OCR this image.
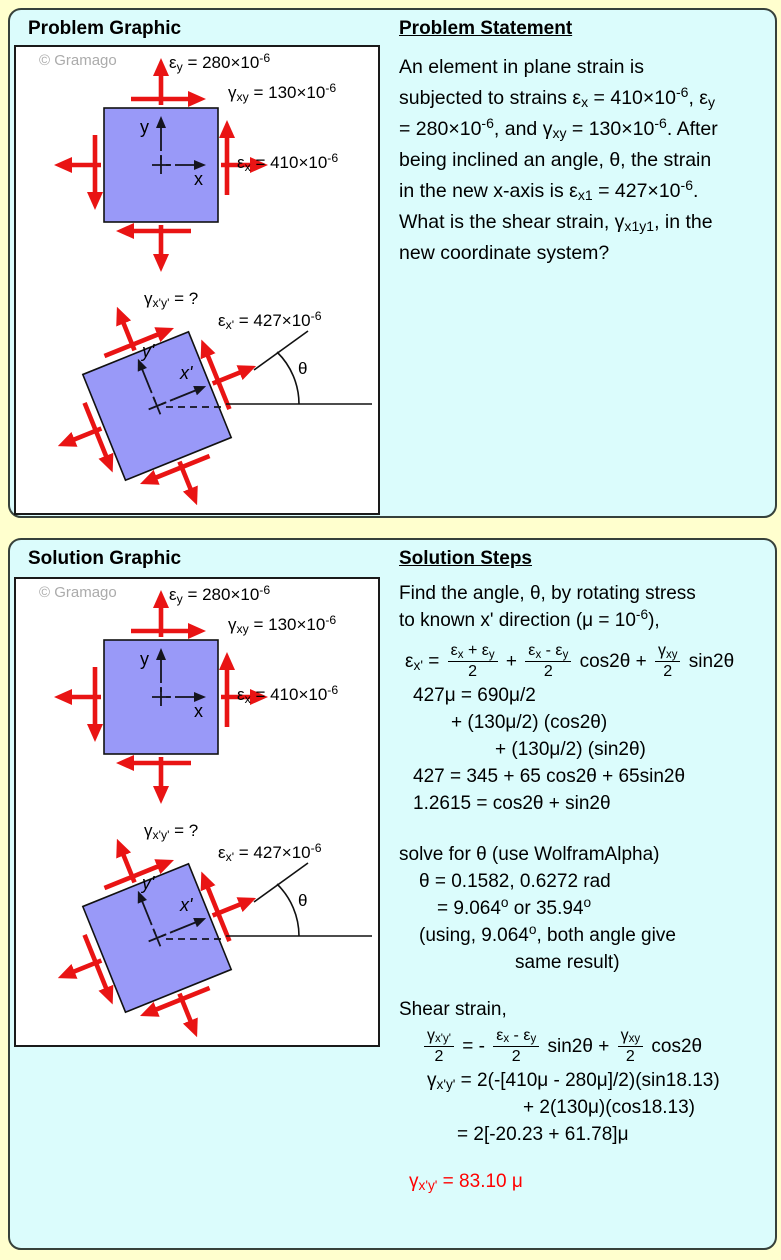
Problem Graphic
© Gramago	$\varepsilon y = 280\times 10^{-6}$
$\gamma xy = 130\times 10^{-6}$
$\varepsilon x = 410\times 10^{-6}$
y
x
γx'y' = ?
$\varepsilon x' = 427\times 10^{-6}$
y'
x'	θ
Problem Statement
An element in plane strain is
subjected to strains $\varepsilon x = 410\times 10^{-6}$, εy
= $280\times 10^{-6}$, and $\gamma xy = 130\times 10^{-6}$. After
being inclined an angle, θ, the strain
in the new x-axis is $\varepsilon x1 = 427\times 10^{-6}$.
What is the shear strain, γx1y1, in the
new coordinate system?
Solution Graphic
© Gramago	$\varepsilon y = 280\times 10^{-6}$
$\gamma xy = 130\times 10^{-6}$
$\varepsilon x = 410\times 10^{-6}$
y
x
γx'y' = ?
$\varepsilon x' = 427\times 10^{-6}$
y'
x'	θ
Solution Steps
Find the angle, θ, by rotating stress
to known x' direction $(\mu = 10^{-6})$,
$\varepsilon x' = \frac{\varepsilon x + \varepsilon y}{2} + \frac{\varepsilon x - \varepsilon y}{2} \cos 2\theta + \frac{\text{γxy}}{2} \sin 2\theta$
427μ = 690μ/2
+ (130μ/2) (cos2θ)
+ (130μ/2) (sin2θ)
427 = 345 + 65 cos2θ + 65sin2θ
1.2615 = cos2θ + sin2θ
solve for θ (use WolframAlpha)
θ = 0.1582, 0.6272 rad
= $9.064^o$ or 35.94$^o$
(using, 9.064$^o$, both angle give
same result)
Shear strain,
$\frac{\gamma x'y'}{2}$ = - $\frac{\varepsilon x - \varepsilon y}{2} \sin 2\theta + \frac{\text{γxy}}{2} \cos 2\theta$
γx'y' = 2(-[410μ - 280μ]/2)(sin18.13)
+ 2(130μ)(cos18.13)
= 2[-20.23 + 61.78]μ
γx'y' = 83.10 μ
